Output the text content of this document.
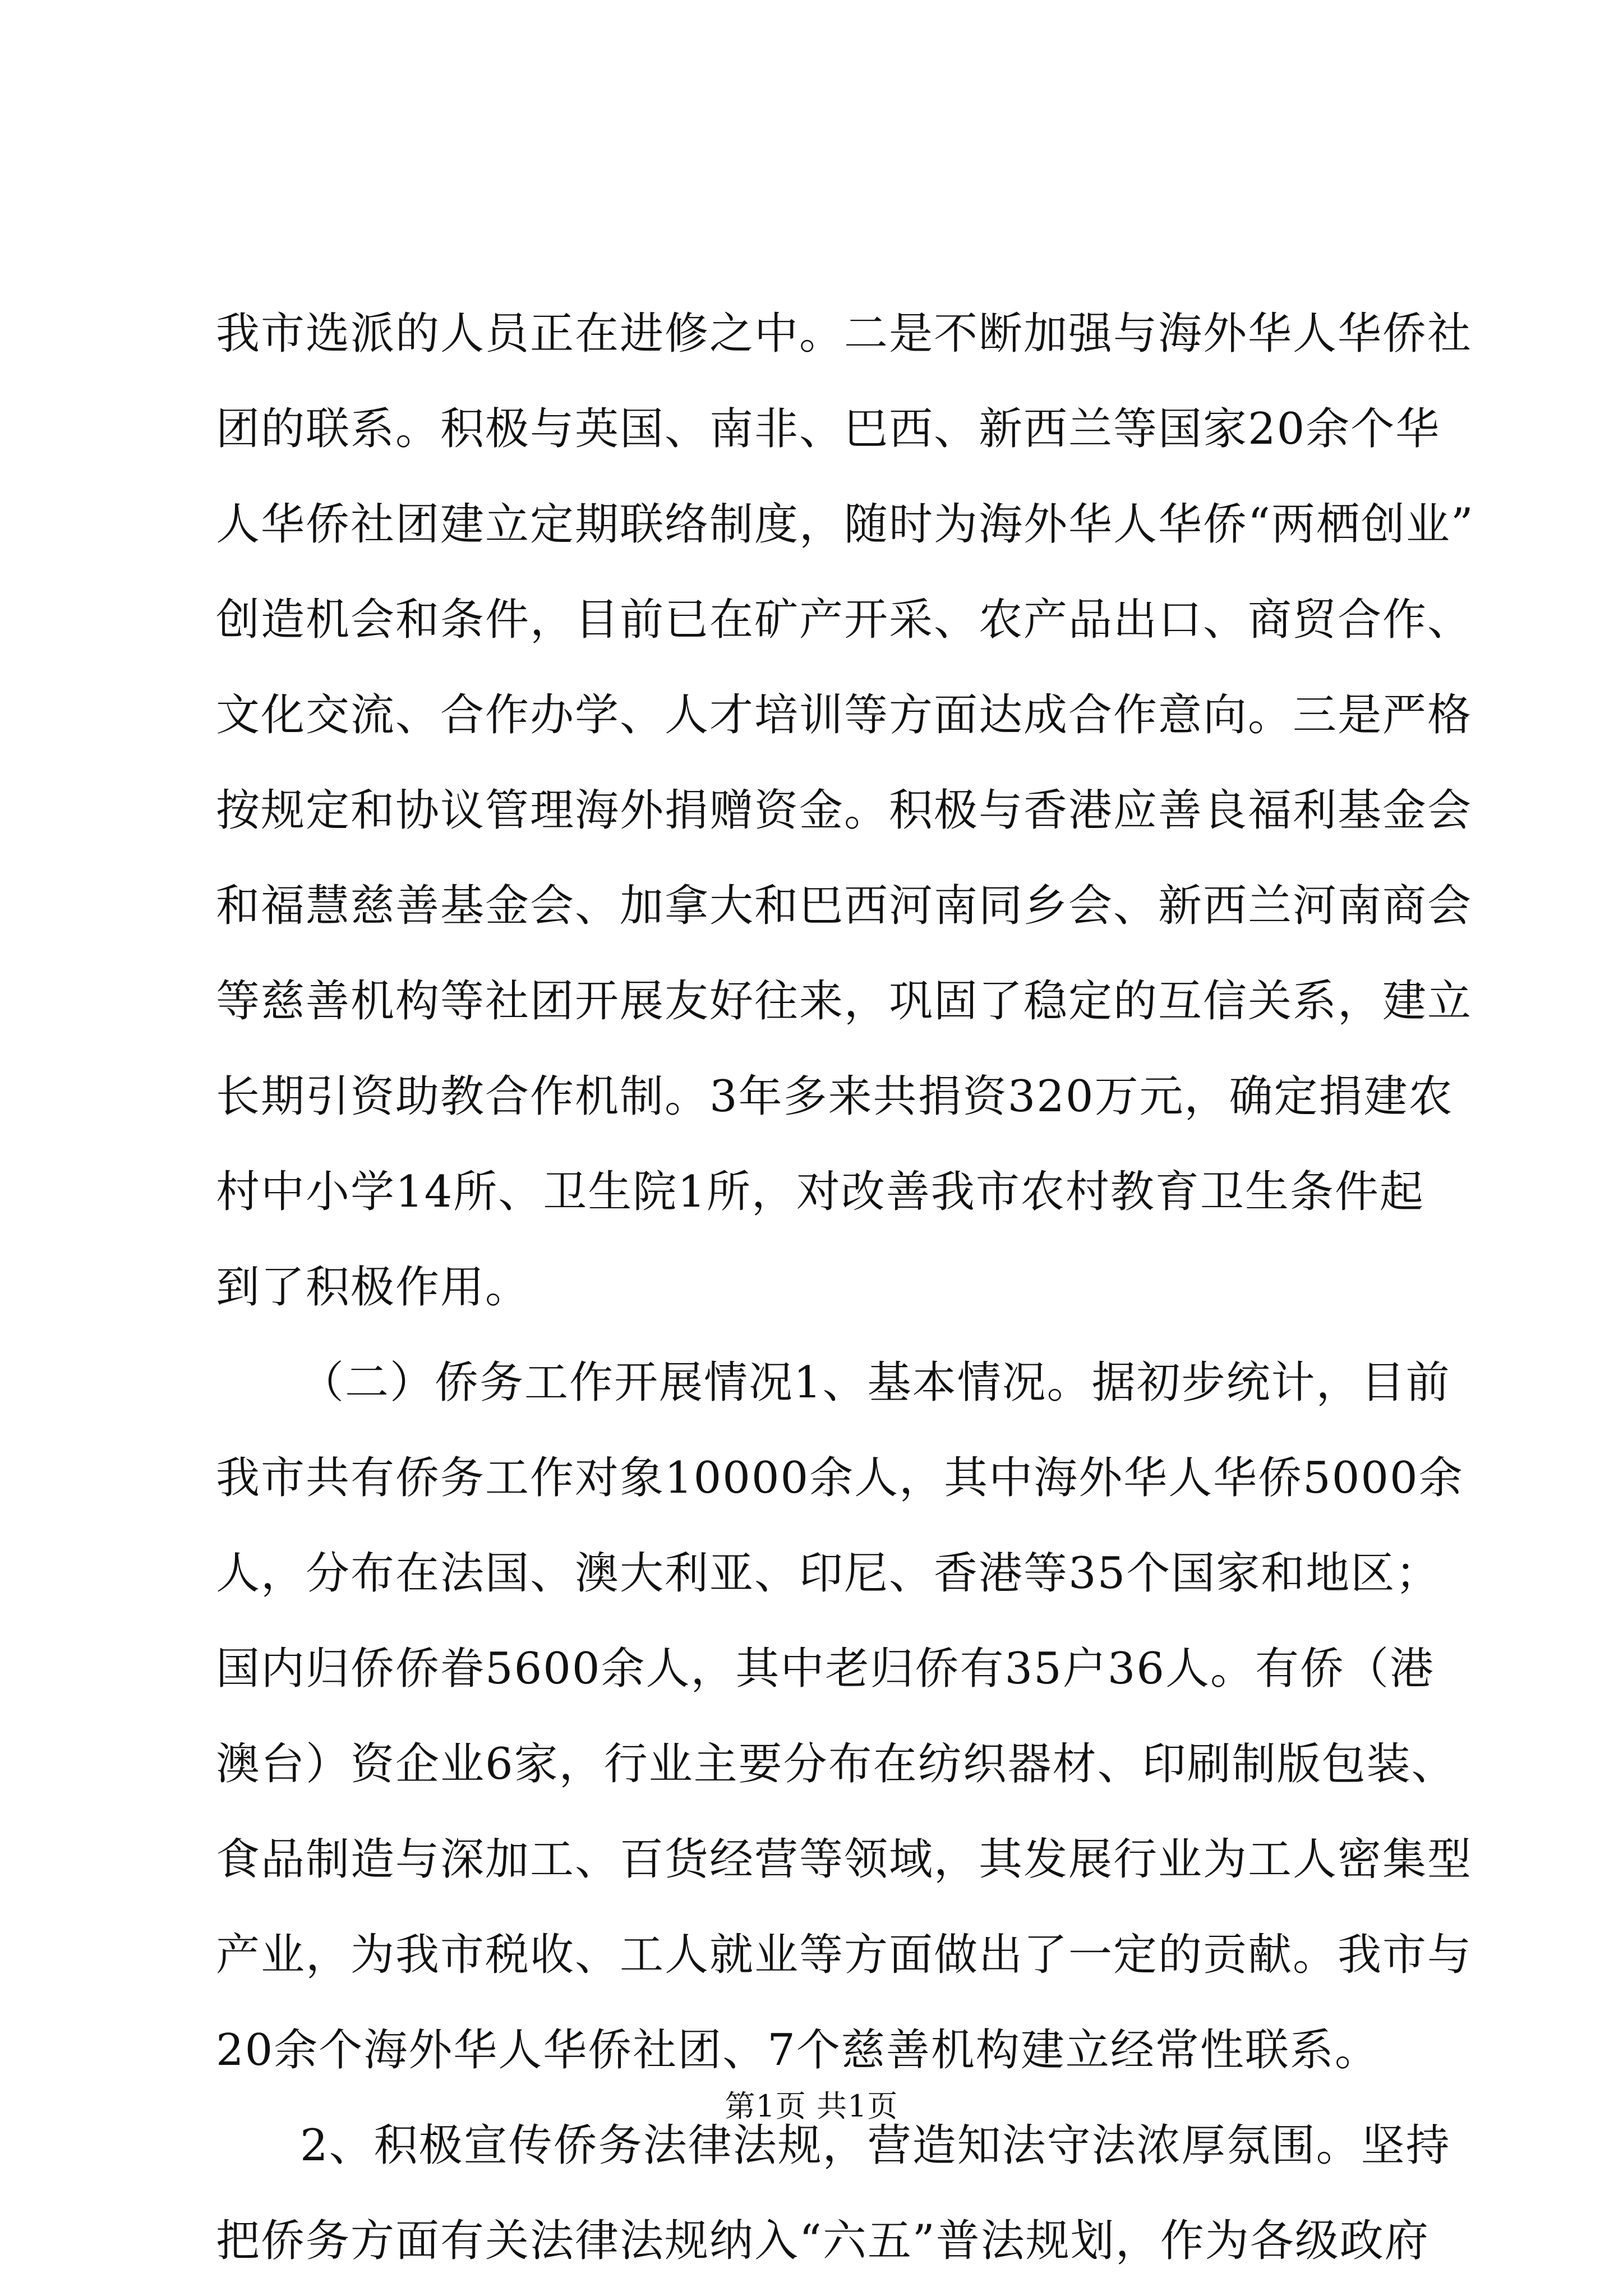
我市选派的人员正在进修之中。二是不断加强与海外华人华侨社
团的联系。积极与英国、南非、巴西、新西兰等国家20余个华
人华侨社团建立定期联络制度，随时为海外华人华侨“两栖创业”
创造机会和条件，目前已在矿产开采、农产品出口、商贸合作、
文化交流、合作办学、人才培训等方面达成合作意向。三是严格
按规定和协议管理海外捐赠资金。积极与香港应善良福利基金会
和福慧慈善基金会、加拿大和巴西河南同乡会、新西兰河南商会
等慈善机构等社团开展友好往来，巩固了稳定的互信关系，建立
长期引资助教合作机制。3年多来共捐资320万元，确定捐建农
村中小学14所、卫生院1所，对改善我市农村教育卫生条件起
到了积极作用。
（二）侨务工作开展情况1、基本情况。据初步统计，目前
我市共有侨务工作对象10000余人，其中海外华人华侨5000余
人，分布在法国、澳大利亚、印尼、香港等35个国家和地区；
国内归侨侨眷5600余人，其中老归侨有35户36人。有侨（港
澳台）资企业6家，行业主要分布在纺织器材、印刷制版包装、
食品制造与深加工、百货经营等领域，其发展行业为工人密集型
产业，为我市税收、工人就业等方面做出了一定的贡献。我市与
20余个海外华人华侨社团、7个慈善机构建立经常性联系。
2、积极宣传侨务法律法规，营造知法守法浓厚氛围。坚持
把侨务方面有关法律法规纳入“六五”普法规划，作为各级政府
第1页 共1页
